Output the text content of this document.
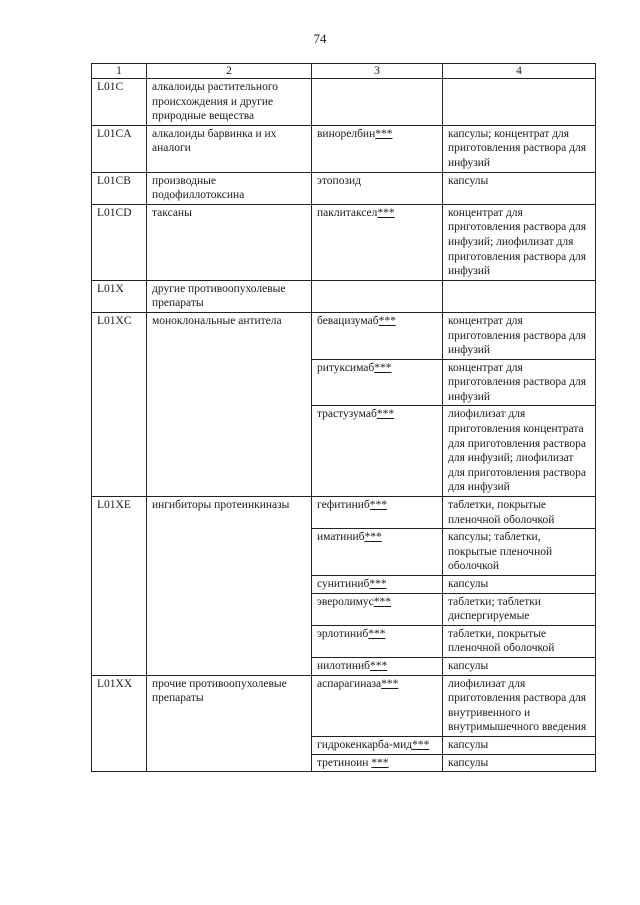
74
1	2	3	4
L01C	алкалоиды растительного происхождения и другие природные вещества		
L01CA	алкалоиды барвинка и их аналоги	винорелбин***	капсулы; концентрат для приготовления раствора для инфузий
L01CB	производные подофиллотоксина	этопозид	капсулы
L01CD	таксаны	паклитаксел***	концентрат для приготовления раствора для инфузий; лиофилизат для приготовления раствора для инфузий
L01X	другие противоопухолевые препараты		
L01XC	моноклональные антитела	бевацизумаб***	концентрат для приготовления раствора для инфузий
		ритуксимаб***	концентрат для приготовления раствора для инфузий
		трастузумаб***	лиофилизат для приготовления концентрата для приготовления раствора для инфузий; лиофилизат для приготовления раствора для инфузий
L01XE	ингибиторы протеинкиназы	гефитиниб***	таблетки, покрытые пленочной оболочкой
		иматиниб***	капсулы; таблетки, покрытые пленочной оболочкой
		сунитиниб***	капсулы
		эверолимус***	таблетки; таблетки диспергируемые
		эрлотиниб***	таблетки, покрытые пленочной оболочкой
		нилотиниб***	капсулы
L01XX	прочие противоопухолевые препараты	аспарагиназа***	лиофилизат для приготовления раствора для внутривенного и внутримышечного введения
		гидрокенкарба-мид***	капсулы
		третиноин ***	капсулы
